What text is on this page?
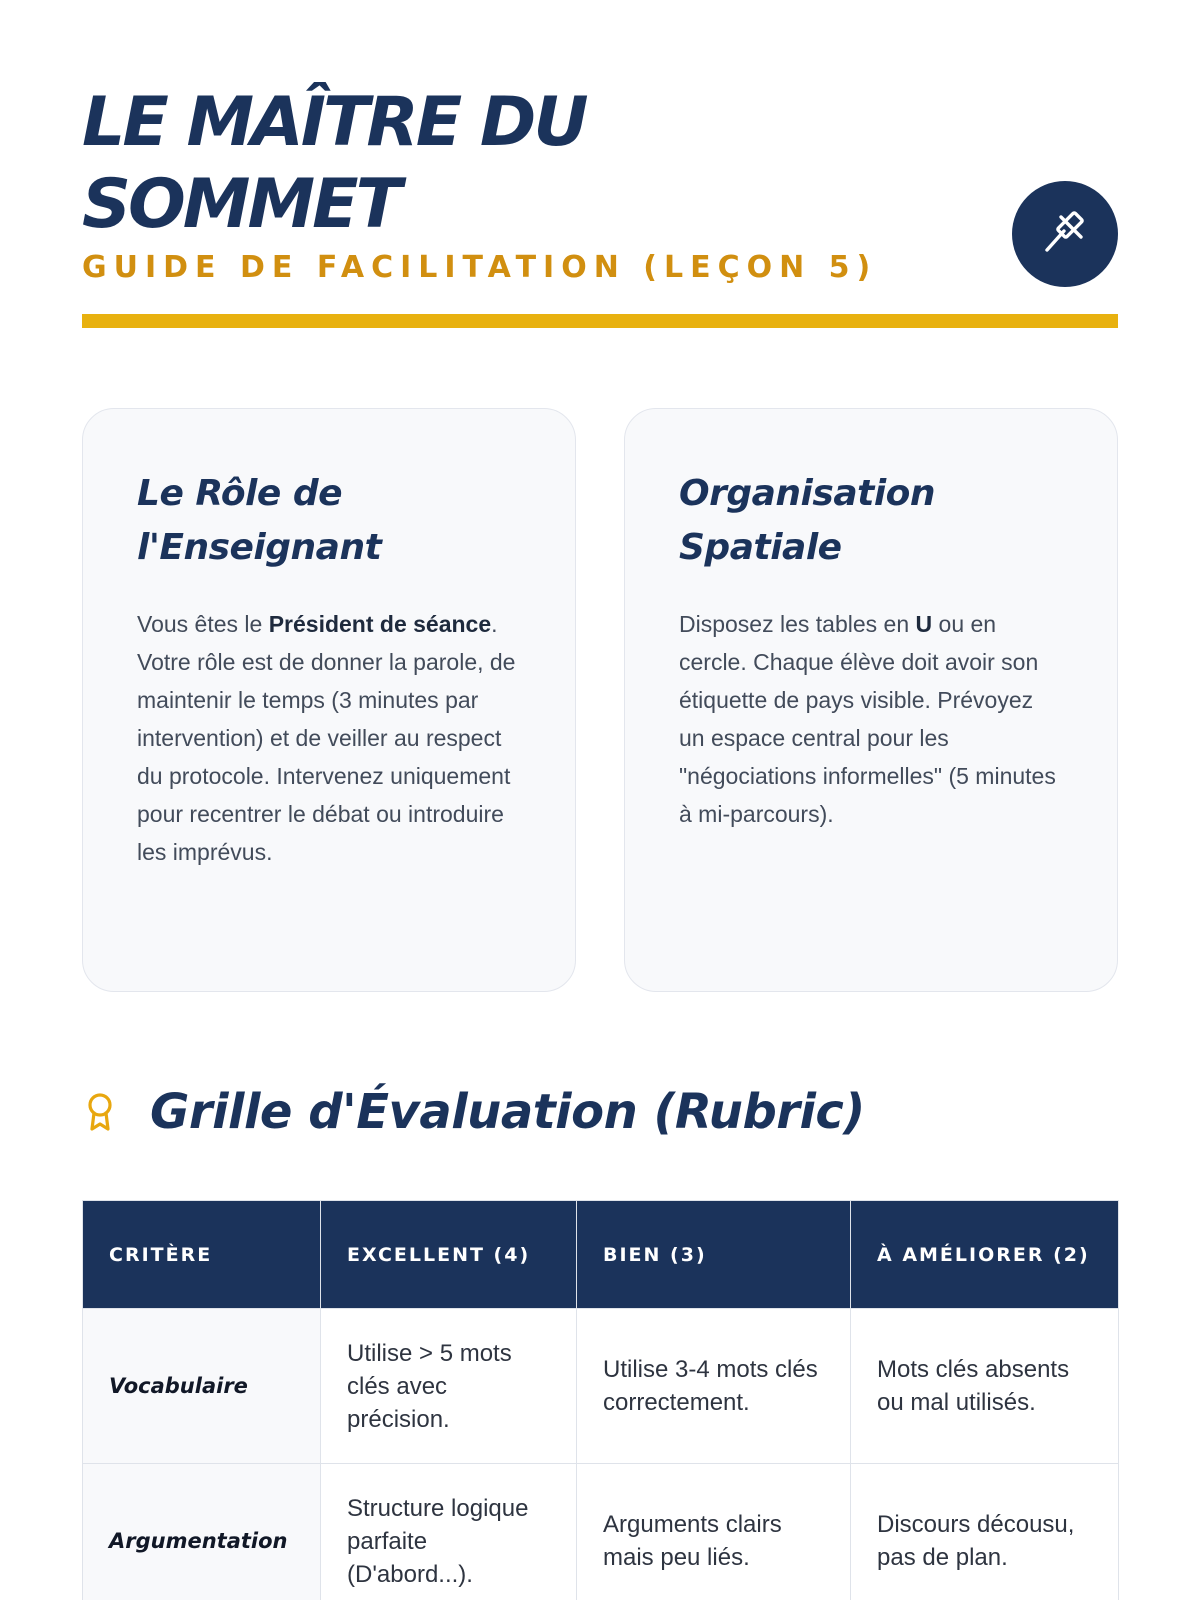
LE MAÎTRE DU
SOMMET
GUIDE DE FACILITATION (LEÇON 5)
Le Rôle de l'Enseignant

Vous êtes le Président de séance. Votre rôle est de donner la parole, de maintenir le temps (3 minutes par intervention) et de veiller au respect du protocole. Intervenez uniquement pour recentrer le débat ou introduire les imprévus.

Organisation Spatiale

Disposez les tables en U ou en cercle. Chaque élève doit avoir son étiquette de pays visible. Prévoyez un espace central pour les "négociations informelles" (5 minutes à mi-parcours).

Grille d'Évaluation (Rubric)
CRITÈRE	EXCELLENT (4)	BIEN (3)	À AMÉLIORER (2)
Vocabulaire	Utilise > 5 mots clés avec précision.	Utilise 3-4 mots clés correctement.	Mots clés absents ou mal utilisés.
Argumentation	Structure logique parfaite (D'abord...).	Arguments clairs mais peu liés.	Discours décousu, pas de plan.
